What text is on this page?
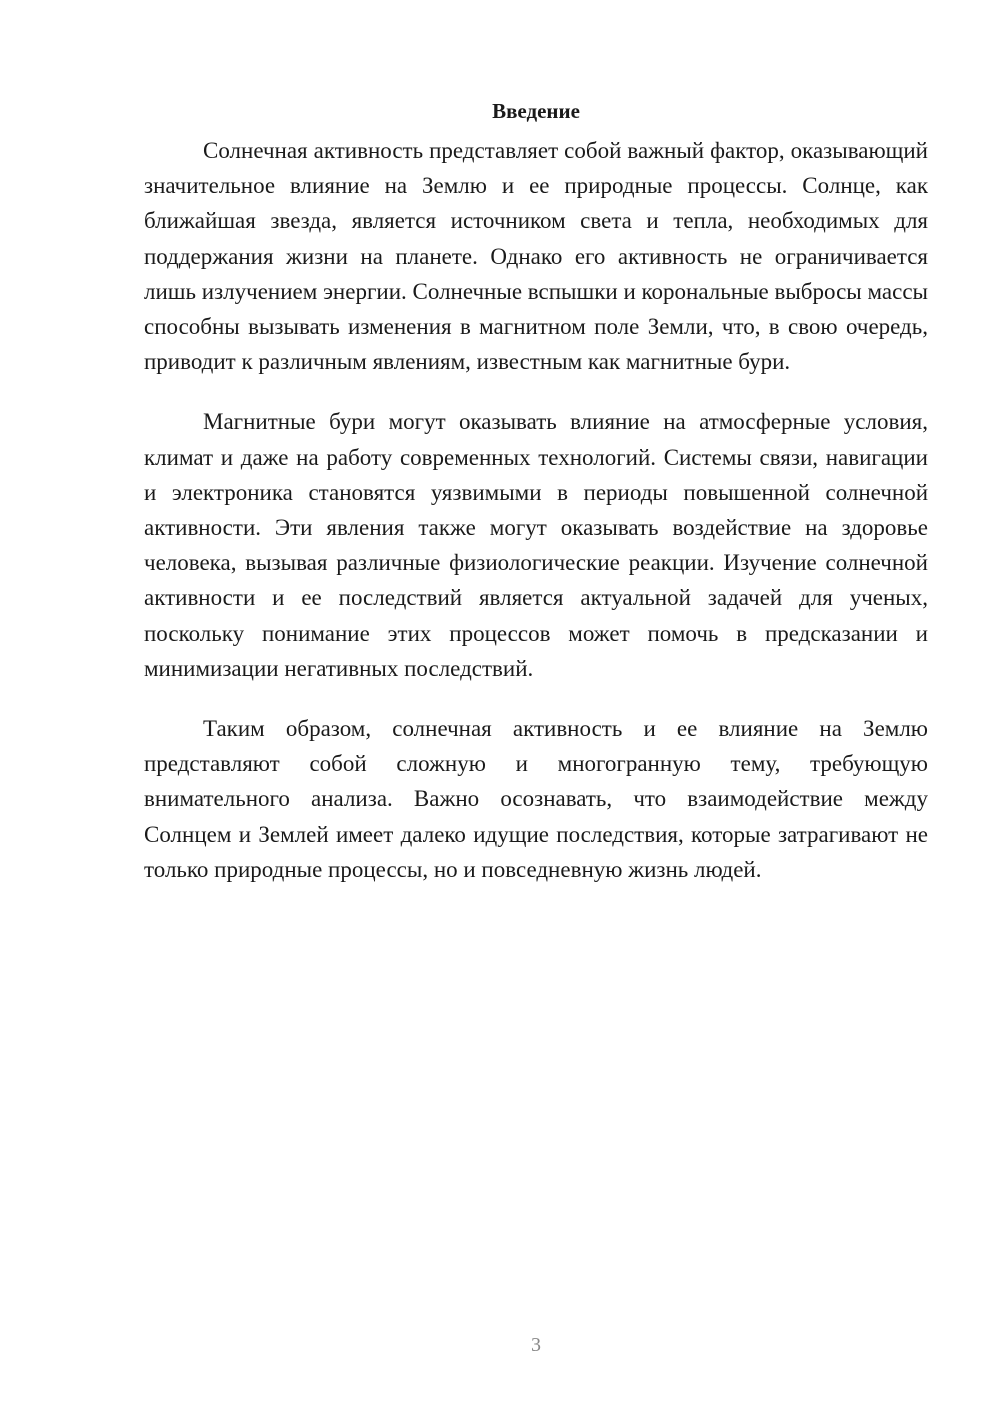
Введение

Солнечная активность представляет собой важный фактор, оказывающий значительное влияние на Землю и ее природные процессы. Солнце, как ближайшая звезда, является источником света и тепла, необходимых для поддержания жизни на планете. Однако его активность не ограничивается лишь излучением энергии. Солнечные вспышки и корональные выбросы массы способны вызывать изменения в магнитном поле Земли, что, в свою очередь, приводит к различным явлениям, известным как магнитные бури.

Магнитные бури могут оказывать влияние на атмосферные условия, климат и даже на работу современных технологий. Системы связи, навигации и электроника становятся уязвимыми в периоды повышенной солнечной активности. Эти явления также могут оказывать воздействие на здоровье человека, вызывая различные физиологические реакции. Изучение солнечной активности и ее последствий является актуальной задачей для ученых, поскольку понимание этих процессов может помочь в предсказании и минимизации негативных последствий.

Таким образом, солнечная активность и ее влияние на Землю представляют собой сложную и многогранную тему, требующую внимательного анализа. Важно осознавать, что взаимодействие между Солнцем и Землей имеет далеко идущие последствия, которые затрагивают не только природные процессы, но и повседневную жизнь людей.

3
